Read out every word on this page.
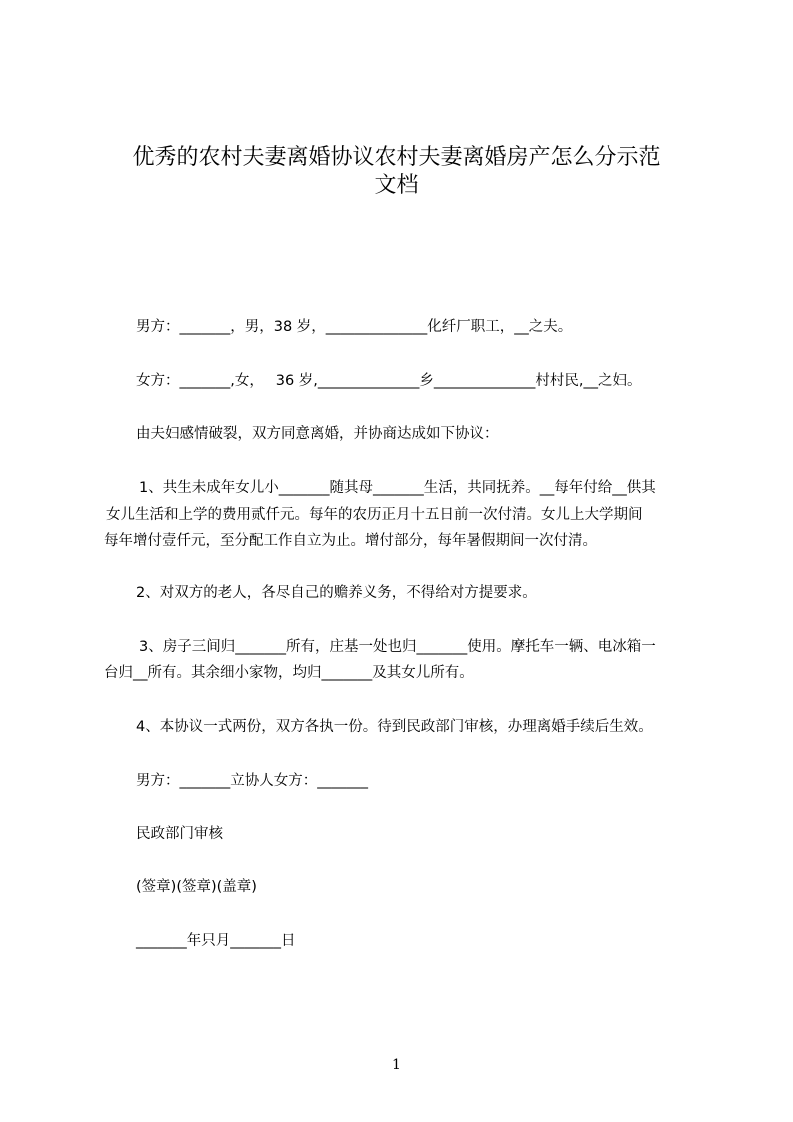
优秀的农村夫妻离婚协议农村夫妻离婚房产怎么分示范
文档

男方：_______，男，38 岁，______________化纤厂职工，__之夫。

女方：_______,女，　 36 岁,______________乡______________村村民,__之妇。

由夫妇感情破裂，双方同意离婚，并协商达成如下协议：

1、共生未成年女儿小_______随其母_______生活，共同抚养。__每年付给__供其

女儿生活和上学的费用贰仟元。每年的农历正月十五日前一次付清。女儿上大学期间

每年增付壹仟元，至分配工作自立为止。增付部分，每年暑假期间一次付清。

2、对双方的老人，各尽自己的赡养义务，不得给对方提要求。

3、房子三间归_______所有，庄基一处也归_______使用。摩托车一辆、电冰箱一

台归__所有。其余细小家物，均归_______及其女儿所有。

4、本协议一式两份，双方各执一份。待到民政部门审核，办理离婚手续后生效。

男方：_______立协人女方：_______

民政部门审核

(签章)(签章)(盖章)

_______年只月_______日

1
